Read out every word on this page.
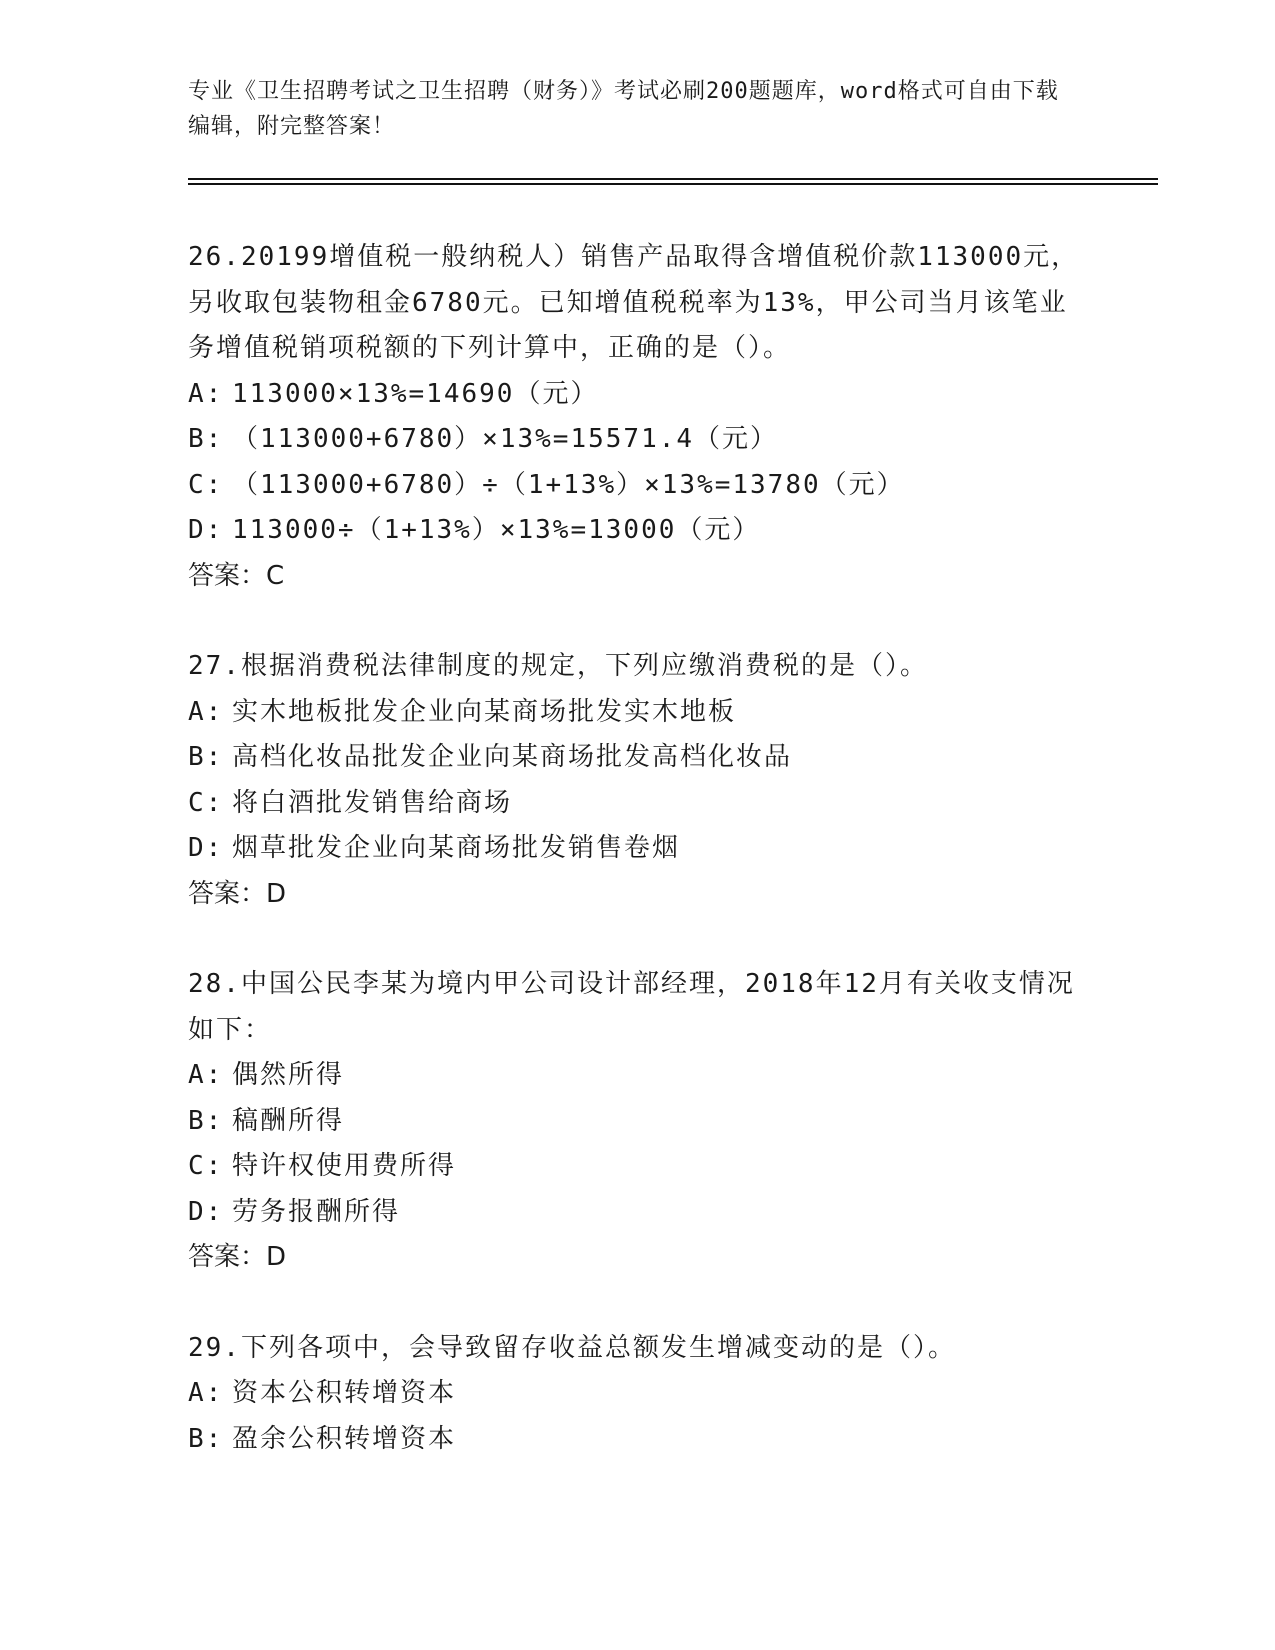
专业《卫生招聘考试之卫生招聘（财务）》考试必刷200题题库，word格式可自由下载编辑，附完整答案！

26.20199增值税一般纳税人）销售产品取得含增值税价款113000元，另收取包装物租金6780元。已知增值税税率为13%，甲公司当月该笔业务增值税销项税额的下列计算中，正确的是（）。

A: 113000×13%=14690（元）

B: （113000+6780）×13%=15571.4（元）

C: （113000+6780）÷（1+13%）×13%=13780（元）

D: 113000÷（1+13%）×13%=13000（元）

答案：C

27.根据消费税法律制度的规定，下列应缴消费税的是（）。

A: 实木地板批发企业向某商场批发实木地板

B: 高档化妆品批发企业向某商场批发高档化妆品

C: 将白酒批发销售给商场

D: 烟草批发企业向某商场批发销售卷烟

答案：D

28.中国公民李某为境内甲公司设计部经理，2018年12月有关收支情况如下：

A: 偶然所得

B: 稿酬所得

C: 特许权使用费所得

D: 劳务报酬所得

答案：D

29.下列各项中，会导致留存收益总额发生增减变动的是（）。

A: 资本公积转增资本

B: 盈余公积转增资本
